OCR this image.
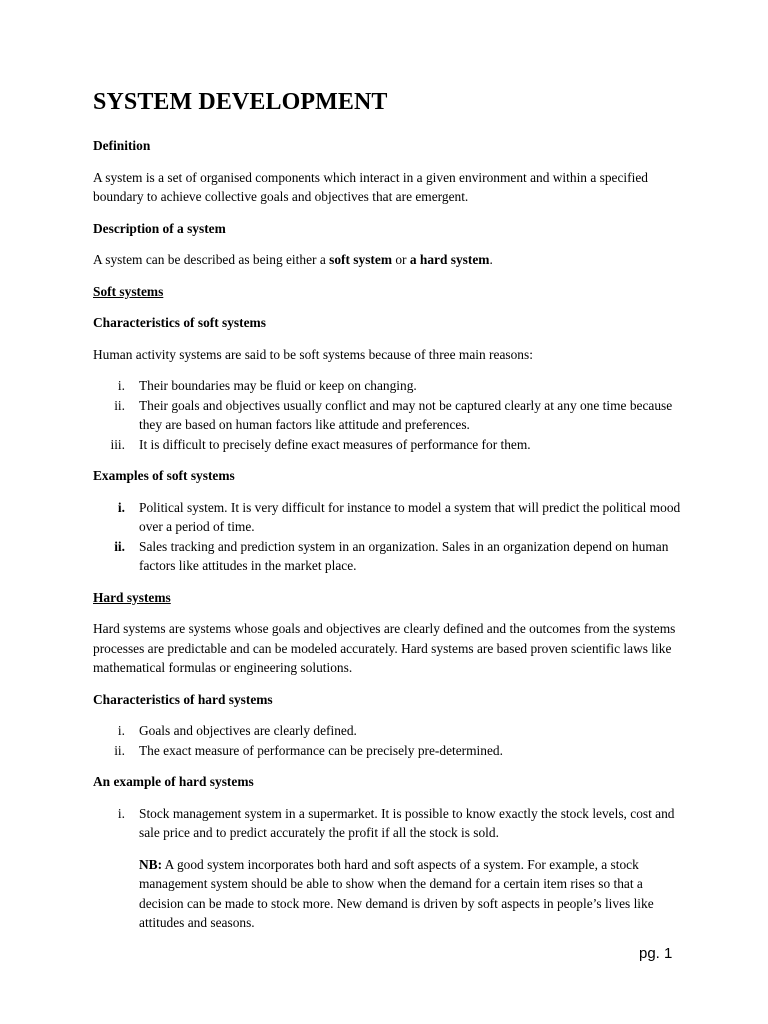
SYSTEM DEVELOPMENT
Definition

A system is a set of organised components which interact in a given environment and within a specified boundary to achieve collective goals and objectives that are emergent.

Description of a system

A system can be described as being either a soft system or a hard system.

Soft systems
Characteristics of soft systems

Human activity systems are said to be soft systems because of three main reasons:

i. Their boundaries may be fluid or keep on changing.
ii. Their goals and objectives usually conflict and may not be captured clearly at any one time because they are based on human factors like attitude and preferences.
iii. It is difficult to precisely define exact measures of performance for them.
Examples of soft systems
i. Political system. It is very difficult for instance to model a system that will predict the political mood over a period of time.
ii. Sales tracking and prediction system in an organization. Sales in an organization depend on human factors like attitudes in the market place.
Hard systems

Hard systems are systems whose goals and objectives are clearly defined and the outcomes from the systems processes are predictable and can be modeled accurately. Hard systems are based proven scientific laws like mathematical formulas or engineering solutions.

Characteristics of hard systems
i. Goals and objectives are clearly defined.
ii. The exact measure of performance can be precisely pre-determined.
An example of hard systems
i. Stock management system in a supermarket. It is possible to know exactly the stock levels, cost and sale price and to predict accurately the profit if all the stock is sold.
NB: A good system incorporates both hard and soft aspects of a system. For example, a stock management system should be able to show when the demand for a certain item rises so that a decision can be made to stock more. New demand is driven by soft aspects in people’s lives like attitudes and seasons.
pg. 1
